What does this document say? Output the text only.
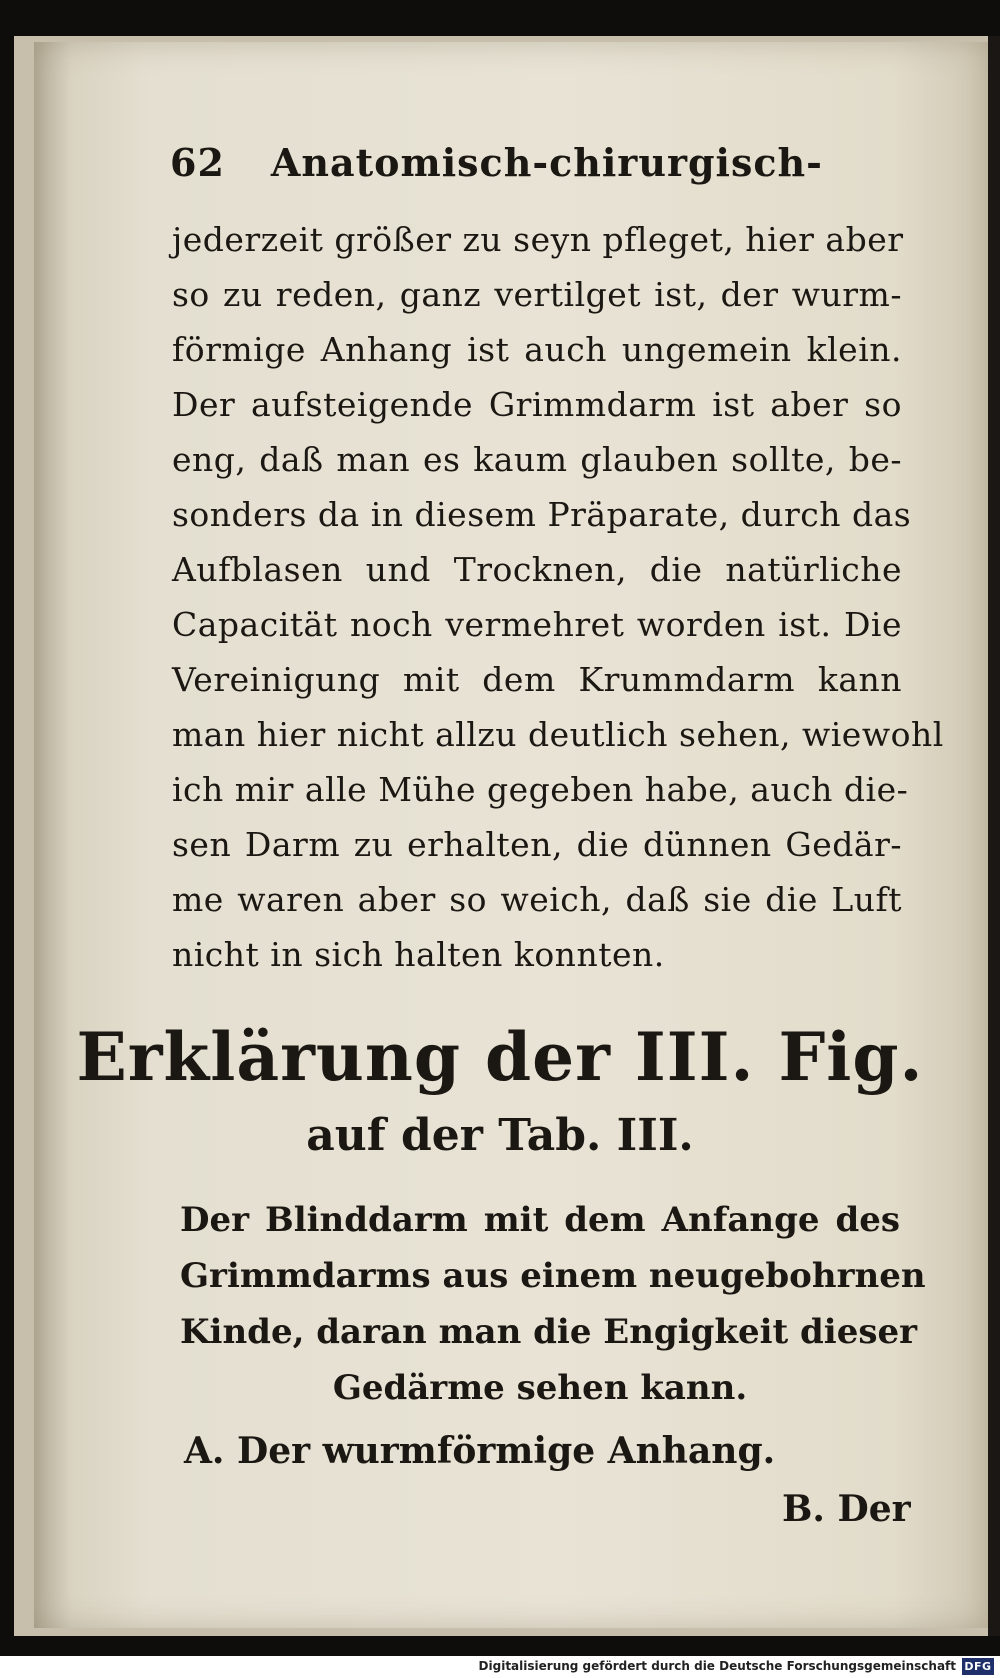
62 Anatomisch-chirurgisch-
jederzeit größer zu seyn pfleget, hier aber
so zu reden, ganz vertilget ist, der wurm-
förmige Anhang ist auch ungemein klein.
Der aufsteigende Grimmdarm ist aber so
eng, daß man es kaum glauben sollte, be-
sonders da in diesem Präparate, durch das
Aufblasen und Trocknen, die natürliche
Capacität noch vermehret worden ist. Die
Vereinigung mit dem Krummdarm kann
man hier nicht allzu deutlich sehen, wiewohl
ich mir alle Mühe gegeben habe, auch die-
sen Darm zu erhalten, die dünnen Gedär-
me waren aber so weich, daß sie die Luft
nicht in sich halten konnten.
Erklärung der III. Fig.
auf der Tab. III.
Der Blinddarm mit dem Anfange des
Grimmdarms aus einem neugebohrnen
Kinde, daran man die Engigkeit dieser
Gedärme sehen kann.
A. Der wurmförmige Anhang.
B. Der
Digitalisierung gefördert durch die Deutsche Forschungsgemeinschaft DFG
